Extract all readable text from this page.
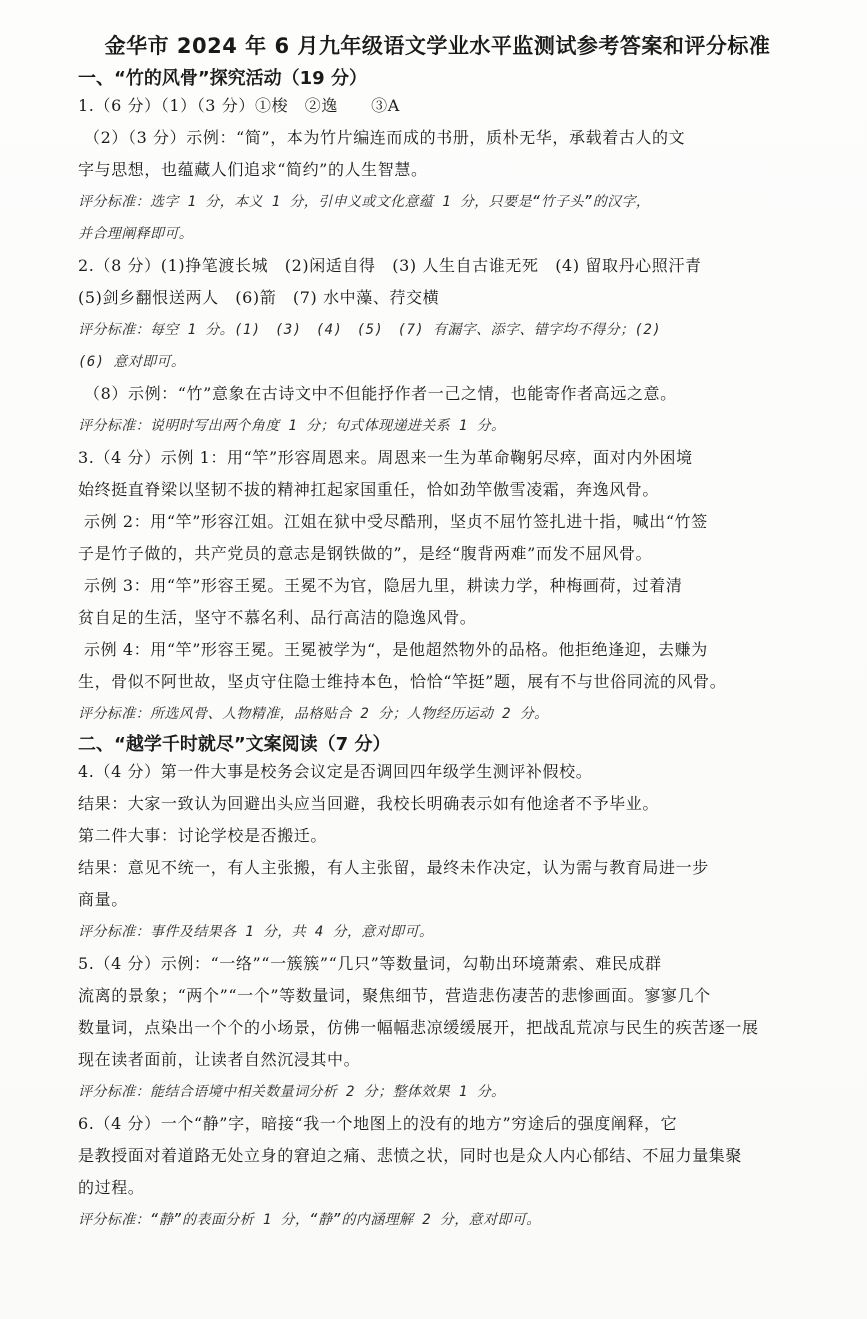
金华市 2024 年 6 月九年级语文学业水平监测试参考答案和评分标准

一、“竹的风骨”探究活动（19 分）

1.（6 分）（1）（3 分）①梭　②逸　　③A

（2）（3 分）示例：“简”，本为竹片编连而成的书册，质朴无华，承载着古人的文

字与思想，也蕴藏人们追求“简约”的人生智慧。

评分标准：选字 1 分，本义 1 分，引申义或文化意蕴 1 分，只要是“竹子头”的汉字，

并合理阐释即可。

2.（8 分）(1)挣笔渡长城　(2)闲适自得　(3) 人生自古谁无死　(4) 留取丹心照汗青

(5)剑乡翻恨送两人　(6)箭　(7) 水中藻、荇交横

评分标准：每空 1 分。(1)　(3)　(4)　(5)　(7) 有漏字、添字、错字均不得分；(2)

(6) 意对即可。

（8）示例：“竹”意象在古诗文中不但能抒作者一己之情，也能寄作者高远之意。

评分标准：说明时写出两个角度 1 分；句式体现递进关系 1 分。

3.（4 分）示例 1：用“竿”形容周恩来。周恩来一生为革命鞠躬尽瘁，面对内外困境

始终挺直脊梁以坚韧不拔的精神扛起家国重任，恰如劲竿傲雪凌霜，奔逸风骨。

示例 2：用“竿”形容江姐。江姐在狱中受尽酷刑，坚贞不屈竹签扎进十指，喊出“竹签

子是竹子做的，共产党员的意志是钢铁做的”，是经“腹背两难”而发不屈风骨。

示例 3：用“竿”形容王冕。王冕不为官，隐居九里，耕读力学，种梅画荷，过着清

贫自足的生活，坚守不慕名利、品行高洁的隐逸风骨。

示例 4：用“竿”形容王冕。王冕被学为“，是他超然物外的品格。他拒绝逢迎，去赚为

生，骨似不阿世故，坚贞守住隐士维持本色，恰恰“竿挺”题，展有不与世俗同流的风骨。

评分标准：所选风骨、人物精准，品格贴合 2 分；人物经历运动 2 分。

二、“越学千时就尽”文案阅读（7 分）

4.（4 分）第一件大事是校务会议定是否调回四年级学生测评补假校。

结果：大家一致认为回避出头应当回避，我校长明确表示如有他途者不予毕业。

第二件大事：讨论学校是否搬迁。

结果：意见不统一，有人主张搬，有人主张留，最终未作决定，认为需与教育局进一步

商量。

评分标准：事件及结果各 1 分，共 4 分，意对即可。

5.（4 分）示例：“一络”“一簇簇”“几只”等数量词，勾勒出环境萧索、难民成群

流离的景象；“两个”“一个”等数量词，聚焦细节，营造悲伤凄苦的悲惨画面。寥寥几个

数量词，点染出一个个的小场景，仿佛一幅幅悲凉缓缓展开，把战乱荒凉与民生的疾苦逐一展

现在读者面前，让读者自然沉浸其中。

评分标准：能结合语境中相关数量词分析 2 分；整体效果 1 分。

6.（4 分）一个“静”字，暗接“我一个地图上的没有的地方”穷途后的强度阐释，它

是教授面对着道路无处立身的窘迫之痛、悲愤之状，同时也是众人内心郁结、不屈力量集聚

的过程。

评分标准：“静”的表面分析 1 分，“静”的内涵理解 2 分，意对即可。
